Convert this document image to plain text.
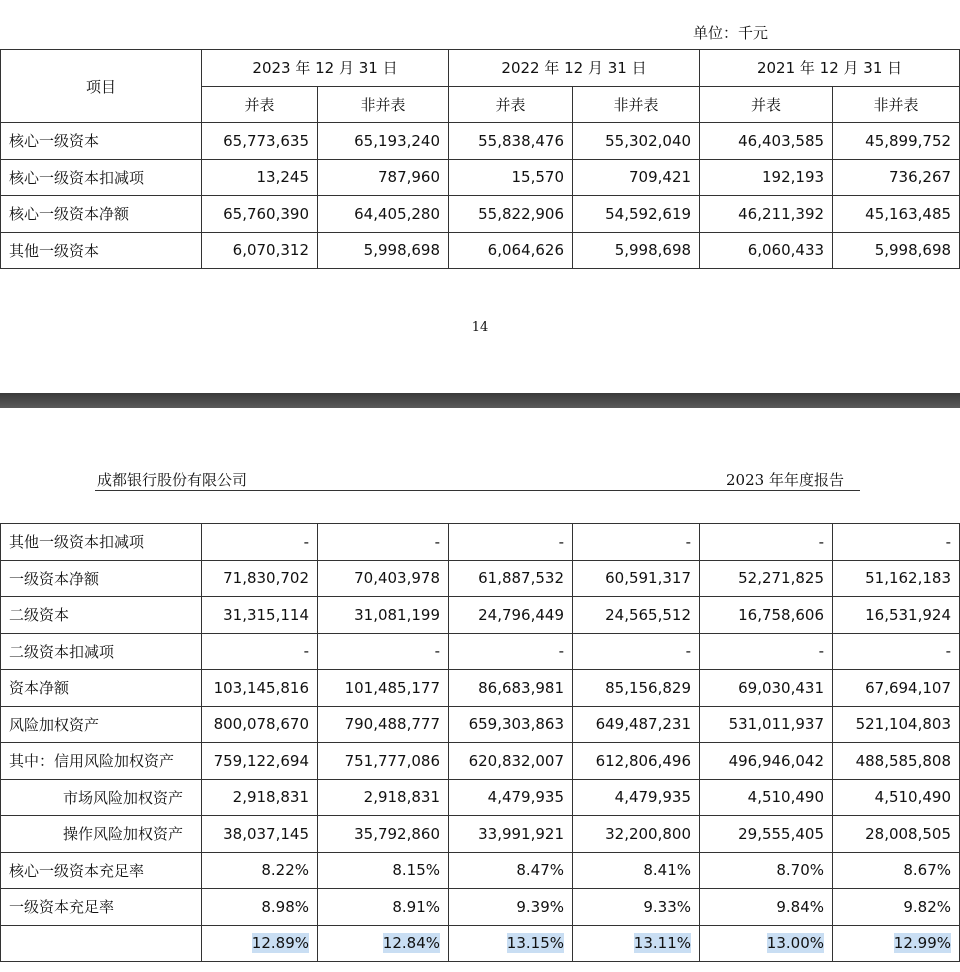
单位：千元
项目	2023 年 12 月 31 日		2022 年 12 月 31 日		2021 年 12 月 31 日	
	并表	非并表	并表	非并表	并表	非并表
核心一级资本	65,773,635	65,193,240	55,838,476	55,302,040	46,403,585	45,899,752
核心一级资本扣减项	13,245	787,960	15,570	709,421	192,193	736,267
核心一级资本净额	65,760,390	64,405,280	55,822,906	54,592,619	46,211,392	45,163,485
其他一级资本	6,070,312	5,998,698	6,064,626	5,998,698	6,060,433	5,998,698
14
成都银行股份有限公司	2023 年年度报告
其他一级资本扣减项	-	-	-	-	-	-
一级资本净额	71,830,702	70,403,978	61,887,532	60,591,317	52,271,825	51,162,183
二级资本	31,315,114	31,081,199	24,796,449	24,565,512	16,758,606	16,531,924
二级资本扣减项	-	-	-	-	-	-
资本净额	103,145,816	101,485,177	86,683,981	85,156,829	69,030,431	67,694,107
风险加权资产	800,078,670	790,488,777	659,303,863	649,487,231	531,011,937	521,104,803
其中：信用风险加权资产	759,122,694	751,777,086	620,832,007	612,806,496	496,946,042	488,585,808
市场风险加权资产	2,918,831	2,918,831	4,479,935	4,479,935	4,510,490	4,510,490
操作风险加权资产	38,037,145	35,792,860	33,991,921	32,200,800	29,555,405	28,008,505
核心一级资本充足率	8.22%	8.15%	8.47%	8.41%	8.70%	8.67%
一级资本充足率	8.98%	8.91%	9.39%	9.33%	9.84%	9.82%
	12.89%	12.84%	13.15%	13.11%	13.00%	12.99%
